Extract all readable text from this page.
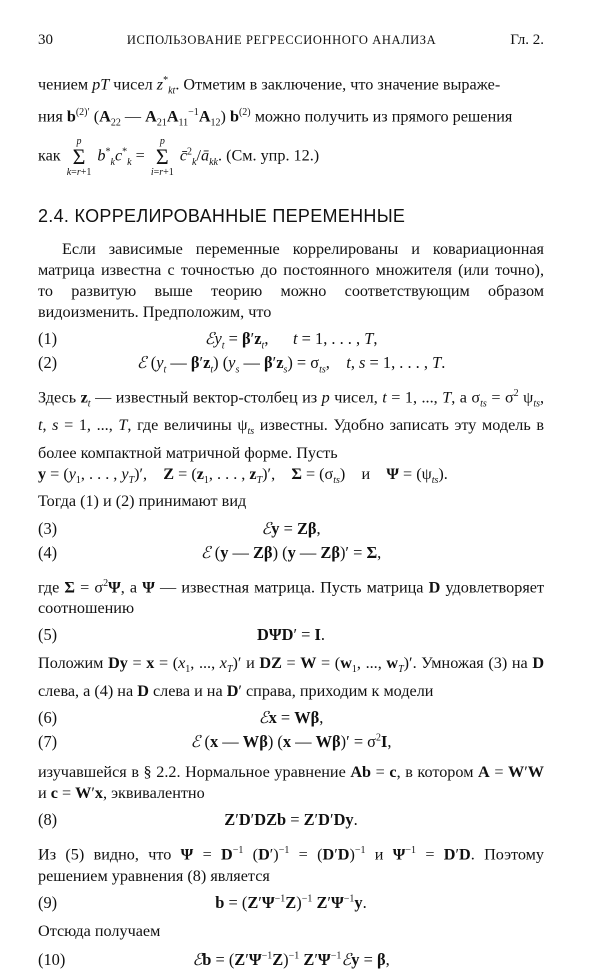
30	ИСПОЛЬЗОВАНИЕ РЕГРЕССИОННОГО АНАЛИЗА	Гл. 2.

чением pT чисел $z^*_{kt}$. Отметим в заключение, что значение выраже-

ния $b^{(2)'}$ ($A_{22}$ — $A_{21}A_{11}^{-1}A_{12}$) $b^{(2)}$ можно получить из прямого решения

как
p
Σ
k=r+1
$b^*_kc^*_k$ =
p
Σ
i=r+1
$c̄^2_k/ā_{kk}$. (См. упр. 12.)

2.4. КОРРЕЛИРОВАННЫЕ ПЕРЕМЕННЫЕ

Если зависимые переменные коррелированы и ковариационная матрица известна с точностью до постоянного множителя (или точно), то развитую выше теорию можно соответствующим образом видоизменить. Предположим, что

(1)	ℰy$_t$ = $\beta'z_t$,      t = 1, . . . , T,
(2)	ℰ ($y_t$ — $\beta'z_t$) ($y_s$ — $\beta'z_s) = \sigma_{ts}$,    t, s = 1, . . . , T.

Здесь $z_t$ — известный вектор-столбец из p чисел, t = 1, ..., T, а $\sigma_{ts} = \sigma^2$ $\psi_{ts}$, t, s = 1, ..., T, где величины $\psi_{ts}$ известны. Удобно записать эту модель в более компактной матричной форме. Пусть

$y = (y_1$, . . . , $y_T)'$,    $Z = (z_1$, . . . , $z_T)'$,    $\Sigma = (\sigma_{ts})$    и $\Psi = (\psi_{ts})$.

Тогда (1) и (2) принимают вид

(3)	ℰy = Zβ,
(4)	ℰ (y — Zβ) (y — Zβ)′ = Σ,

где $\Sigma = \sigma^2\Psi$, а Ψ — известная матрица. Пусть матрица D удовлетворяет соотношению

(5)	DΨD′ = I.

Положим $Dy = x = (x_1$, ..., $x_T)'$ и DZ = $W = (w_1$, ..., $w_T)'$. Умножая (3) на D слева, а (4) на D слева и на D′ справа, приходим к модели

(6)	ℰx = Wβ,
(7)	ℰ (x — Wβ) (x — $W\beta)' = \sigma^2I$,

изучавшейся в § 2.2. Нормальное уравнение Ab = c, в котором A = W′W и c = W′x, эквивалентно

(8)	Z′D′DZb = Z′D′Dy.

Из (5) видно, что $\Psi = D^{-1}$ $(D')^{-1} = (D'D)^{-1}$ и $\Psi^{-1} = D'D$. Поэтому решением уравнения (8) является

(9)	$b = (Z'\Psi^{-1}Z)^{-1}$ $Z'\Psi^{-1}y$.

Отсюда получаем

(10)	ℰb = $(Z'\Psi^{-1}Z)^{-1}$ $Z'\Psi^{-1}ℰy = \beta$,
